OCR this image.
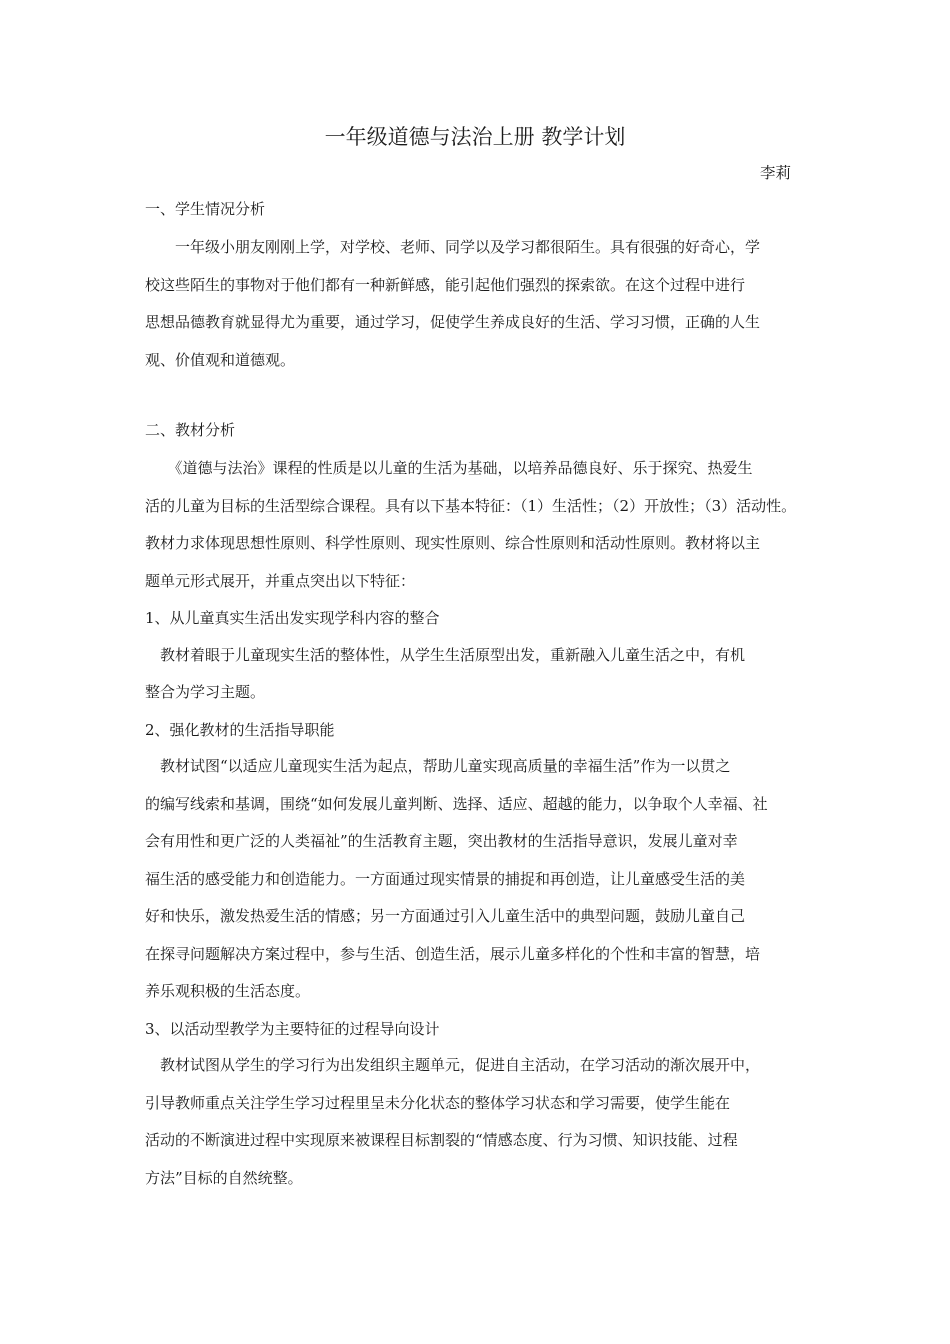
一年级道德与法治上册 教学计划
李莉
一、学生情况分析
　　一年级小朋友刚刚上学，对学校、老师、同学以及学习都很陌生。具有很强的好奇心，学
校这些陌生的事物对于他们都有一种新鲜感，能引起他们强烈的探索欲。在这个过程中进行
思想品德教育就显得尤为重要，通过学习，促使学生养成良好的生活、学习习惯，正确的人生
观、价值观和道德观。
二、教材分析
　　《道德与法治》课程的性质是以儿童的生活为基础，以培养品德良好、乐于探究、热爱生
活的儿童为目标的生活型综合课程。具有以下基本特征：（1）生活性；（2）开放性；（3）活动性。
教材力求体现思想性原则、科学性原则、现实性原则、综合性原则和活动性原则。教材将以主
题单元形式展开，并重点突出以下特征：
1、从儿童真实生活出发实现学科内容的整合
　教材着眼于儿童现实生活的整体性，从学生生活原型出发，重新融入儿童生活之中，有机
整合为学习主题。
2、强化教材的生活指导职能
　教材试图“以适应儿童现实生活为起点，帮助儿童实现高质量的幸福生活”作为一以贯之
的编写线索和基调，围绕“如何发展儿童判断、选择、适应、超越的能力，以争取个人幸福、社
会有用性和更广泛的人类福祉”的生活教育主题，突出教材的生活指导意识，发展儿童对幸
福生活的感受能力和创造能力。一方面通过现实情景的捕捉和再创造，让儿童感受生活的美
好和快乐，激发热爱生活的情感；另一方面通过引入儿童生活中的典型问题，鼓励儿童自己
在探寻问题解决方案过程中，参与生活、创造生活，展示儿童多样化的个性和丰富的智慧，培
养乐观积极的生活态度。
3、以活动型教学为主要特征的过程导向设计
　教材试图从学生的学习行为出发组织主题单元，促进自主活动，在学习活动的渐次展开中，
引导教师重点关注学生学习过程里呈未分化状态的整体学习状态和学习需要，使学生能在
活动的不断演进过程中实现原来被课程目标割裂的“情感态度、行为习惯、知识技能、过程
方法”目标的自然统整。
